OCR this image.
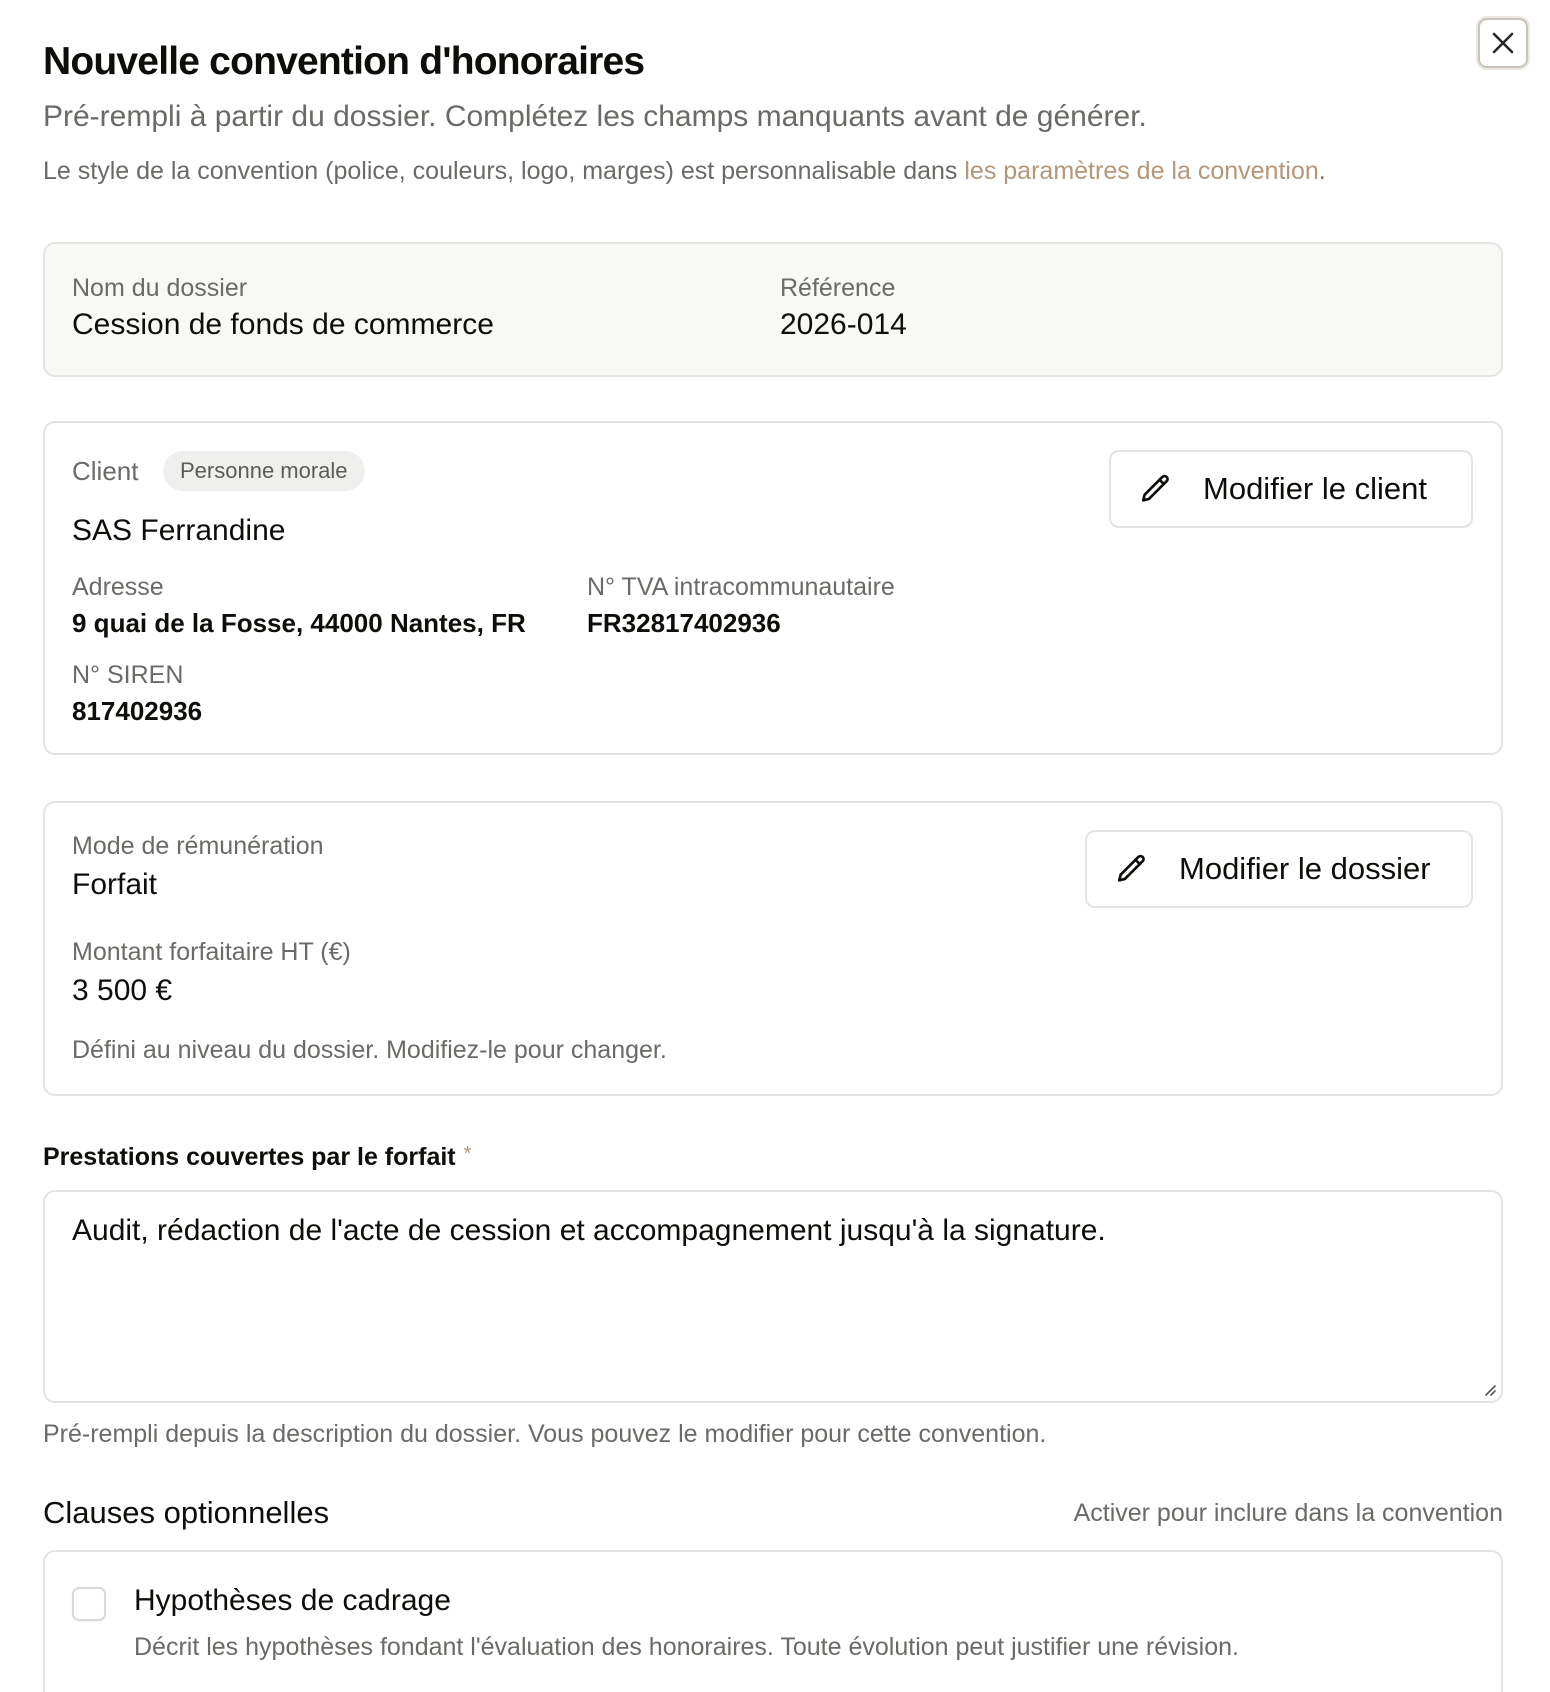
Nouvelle convention d'honoraires

Pré-rempli à partir du dossier. Complétez les champs manquants avant de générer.

Le style de la convention (police, couleurs, logo, marges) est personnalisable dans les paramètres de la convention.

Nom du dossier
Cession de fonds de commerce
Référence
2026-014
Client	Personne morale
SAS Ferrandine
Modifier le client
Adresse
9 quai de la Fosse, 44000 Nantes, FR
N° TVA intracommunautaire
FR32817402936
N° SIREN
817402936
Mode de rémunération
Forfait	Modifier le dossier
Montant forfaitaire HT (€)
3 500 €
Défini au niveau du dossier. Modifiez-le pour changer.
Prestations couvertes par le forfait *
Audit, rédaction de l'acte de cession et accompagnement jusqu'à la signature.

Pré-rempli depuis la description du dossier. Vous pouvez le modifier pour cette convention.

Clauses optionnelles	Activer pour inclure dans la convention
Hypothèses de cadrage
Décrit les hypothèses fondant l'évaluation des honoraires. Toute évolution peut justifier une révision.
